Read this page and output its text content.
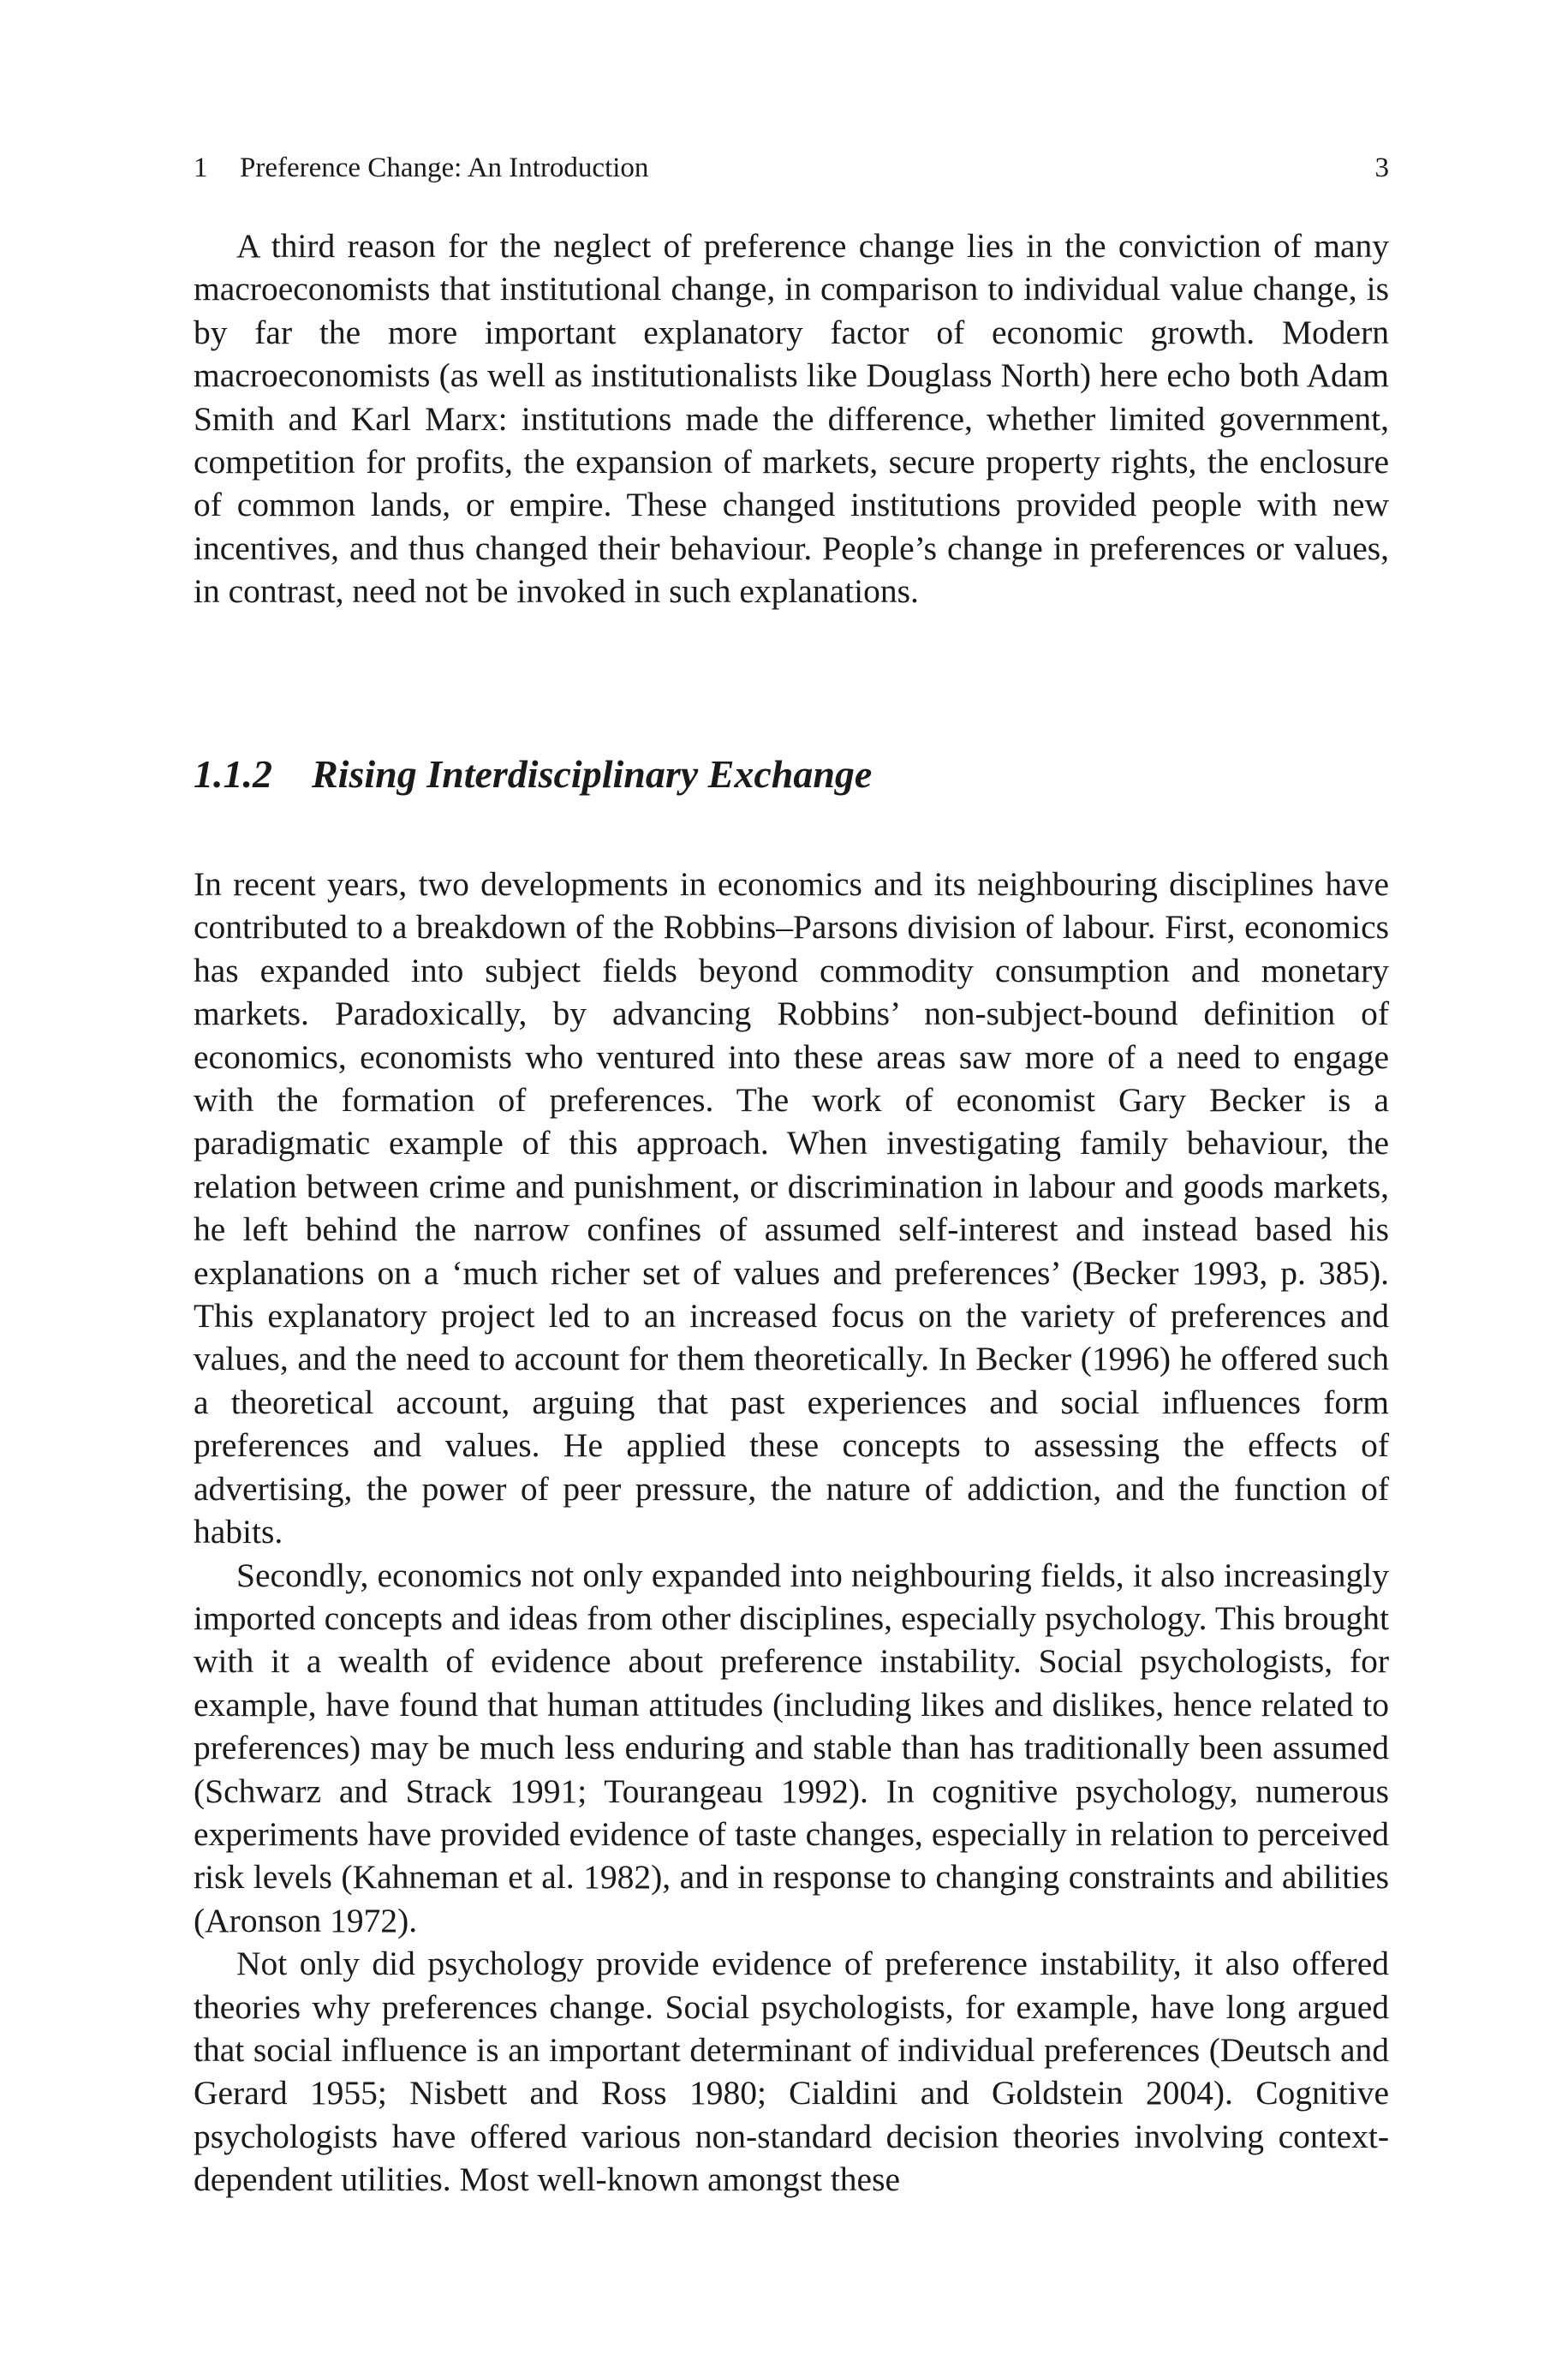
1 Preference Change: An Introduction	3

A third reason for the neglect of preference change lies in the conviction of many macroeconomists that institutional change, in comparison to individual value change, is by far the more important explanatory factor of economic growth. Modern macroeconomists (as well as institutionalists like Douglass North) here echo both Adam Smith and Karl Marx: institutions made the difference, whether limited government, competition for profits, the expansion of markets, secure property rights, the enclosure of common lands, or empire. These changed institutions provided people with new incentives, and thus changed their behaviour. People’s change in preferences or values, in contrast, need not be invoked in such explanations.

1.1.2 Rising Interdisciplinary Exchange

In recent years, two developments in economics and its neighbouring disciplines have contributed to a breakdown of the Robbins–Parsons division of labour. First, economics has expanded into subject fields beyond commodity consumption and monetary markets. Paradoxically, by advancing Robbins’ non-subject-bound definition of economics, economists who ventured into these areas saw more of a need to engage with the formation of preferences. The work of economist Gary Becker is a paradigmatic example of this approach. When investigating family behaviour, the relation between crime and punishment, or discrimination in labour and goods markets, he left behind the narrow confines of assumed self-interest and instead based his explanations on a ‘much richer set of values and preferences’ (Becker 1993, p. 385). This explanatory project led to an increased focus on the variety of preferences and values, and the need to account for them theoretically. In Becker (1996) he offered such a theoretical account, arguing that past experiences and social influences form preferences and values. He applied these concepts to assessing the effects of advertising, the power of peer pressure, the nature of addiction, and the function of habits.

Secondly, economics not only expanded into neighbouring fields, it also increasingly imported concepts and ideas from other disciplines, especially psychology. This brought with it a wealth of evidence about preference instability. Social psychologists, for example, have found that human attitudes (including likes and dislikes, hence related to preferences) may be much less enduring and stable than has traditionally been assumed (Schwarz and Strack 1991; Tourangeau 1992). In cognitive psychology, numerous experiments have provided evidence of taste changes, especially in relation to perceived risk levels (Kahneman et al. 1982), and in response to changing constraints and abilities (Aronson 1972).

Not only did psychology provide evidence of preference instability, it also offered theories why preferences change. Social psychologists, for example, have long argued that social influence is an important determinant of individual preferences (Deutsch and Gerard 1955; Nisbett and Ross 1980; Cialdini and Goldstein 2004). Cognitive psychologists have offered various non-standard decision theories involving context-dependent utilities. Most well-known amongst these
